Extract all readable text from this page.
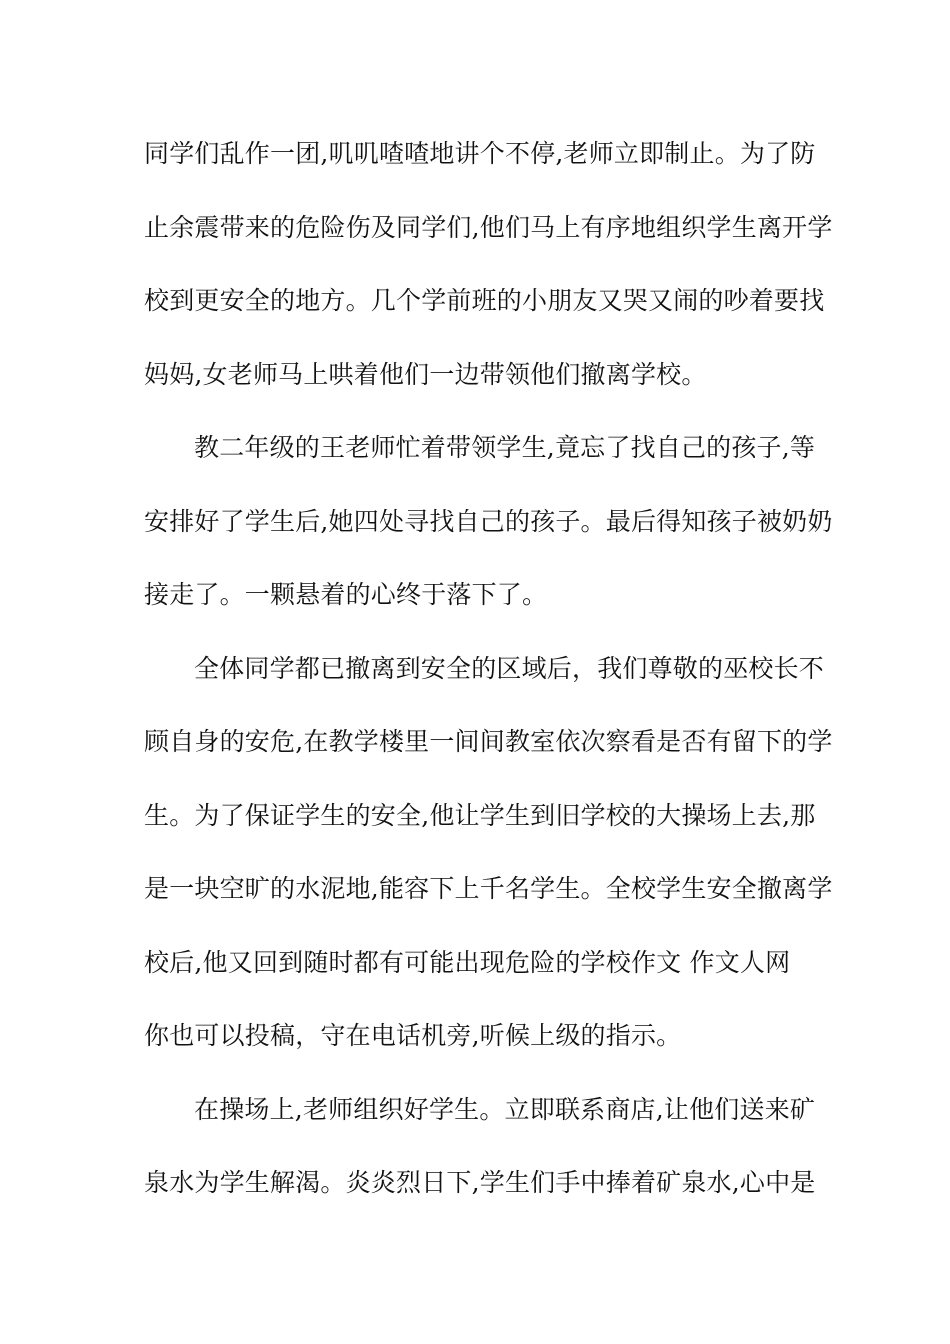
同学们乱作一团,叽叽喳喳地讲个不停,老师立即制止。为了防
止余震带来的危险伤及同学们,他们马上有序地组织学生离开学
校到更安全的地方。几个学前班的小朋友又哭又闹的吵着要找
妈妈,女老师马上哄着他们一边带领他们撤离学校。
教二年级的王老师忙着带领学生,竟忘了找自己的孩子,等
安排好了学生后,她四处寻找自己的孩子。最后得知孩子被奶奶
接走了。一颗悬着的心终于落下了。
全体同学都已撤离到安全的区域后，我们尊敬的巫校长不
顾自身的安危,在教学楼里一间间教室依次察看是否有留下的学
生。为了保证学生的安全,他让学生到旧学校的大操场上去,那
是一块空旷的水泥地,能容下上千名学生。全校学生安全撤离学
校后,他又回到随时都有可能出现危险的学校作文 作文人网
你也可以投稿，守在电话机旁,听候上级的指示。
在操场上,老师组织好学生。立即联系商店,让他们送来矿
泉水为学生解渴。炎炎烈日下,学生们手中捧着矿泉水,心中是
